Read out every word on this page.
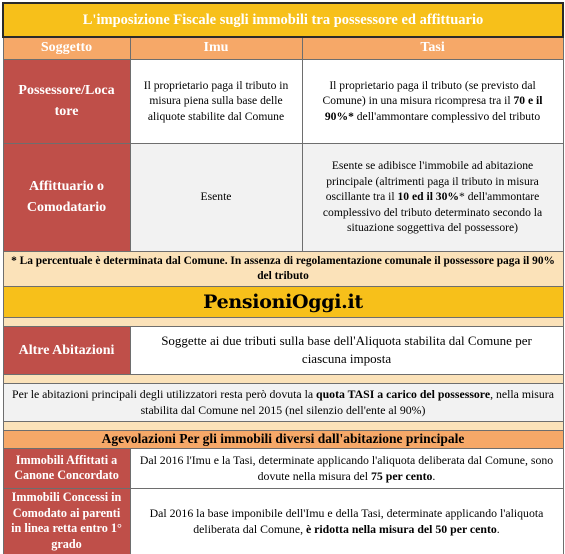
L'imposizione Fiscale sugli immobili tra possessore ed affittuario		
Soggetto	Imu	Tasi
Possessore/Loca
tore	Il proprietario paga il tributo in misura piena sulla base delle aliquote stabilite dal Comune	Il proprietario paga il tributo (se previsto dal Comune) in una misura ricompresa tra il 70 e il 90%* dell'ammontare complessivo del tributo
Affittuario o
Comodatario	Esente	Esente se adibisce l'immobile ad abitazione principale (altrimenti paga il tributo in misura oscillante tra il 10 ed il 30%* dell'ammontare complessivo del tributo determinato secondo la situazione soggettiva del possessore)
* La percentuale è determinata dal Comune. In assenza di regolamentazione comunale il possessore paga il 90% del tributo		
PensioniOggi.it		

Altre Abitazioni	Soggette ai due tributi sulla base dell'Aliquota stabilita dal Comune per ciascuna imposta	

Per le abitazioni principali degli utilizzatori resta però dovuta la quota TASI a carico del possessore, nella misura stabilita dal Comune nel 2015 (nel silenzio dell'ente al 90%)		

Agevolazioni Per gli immobili diversi dall'abitazione principale		
Immobili Affittati a Canone Concordato	Dal 2016 l'Imu e la Tasi, determinate applicando l'aliquota deliberata dal Comune, sono dovute nella misura del 75 per cento.	
Immobili Concessi in Comodato ai parenti in linea retta entro 1° grado	Dal 2016 la base imponibile dell'Imu e della Tasi, determinate applicando l'aliquota deliberata dal Comune, è ridotta nella misura del 50 per cento.	
